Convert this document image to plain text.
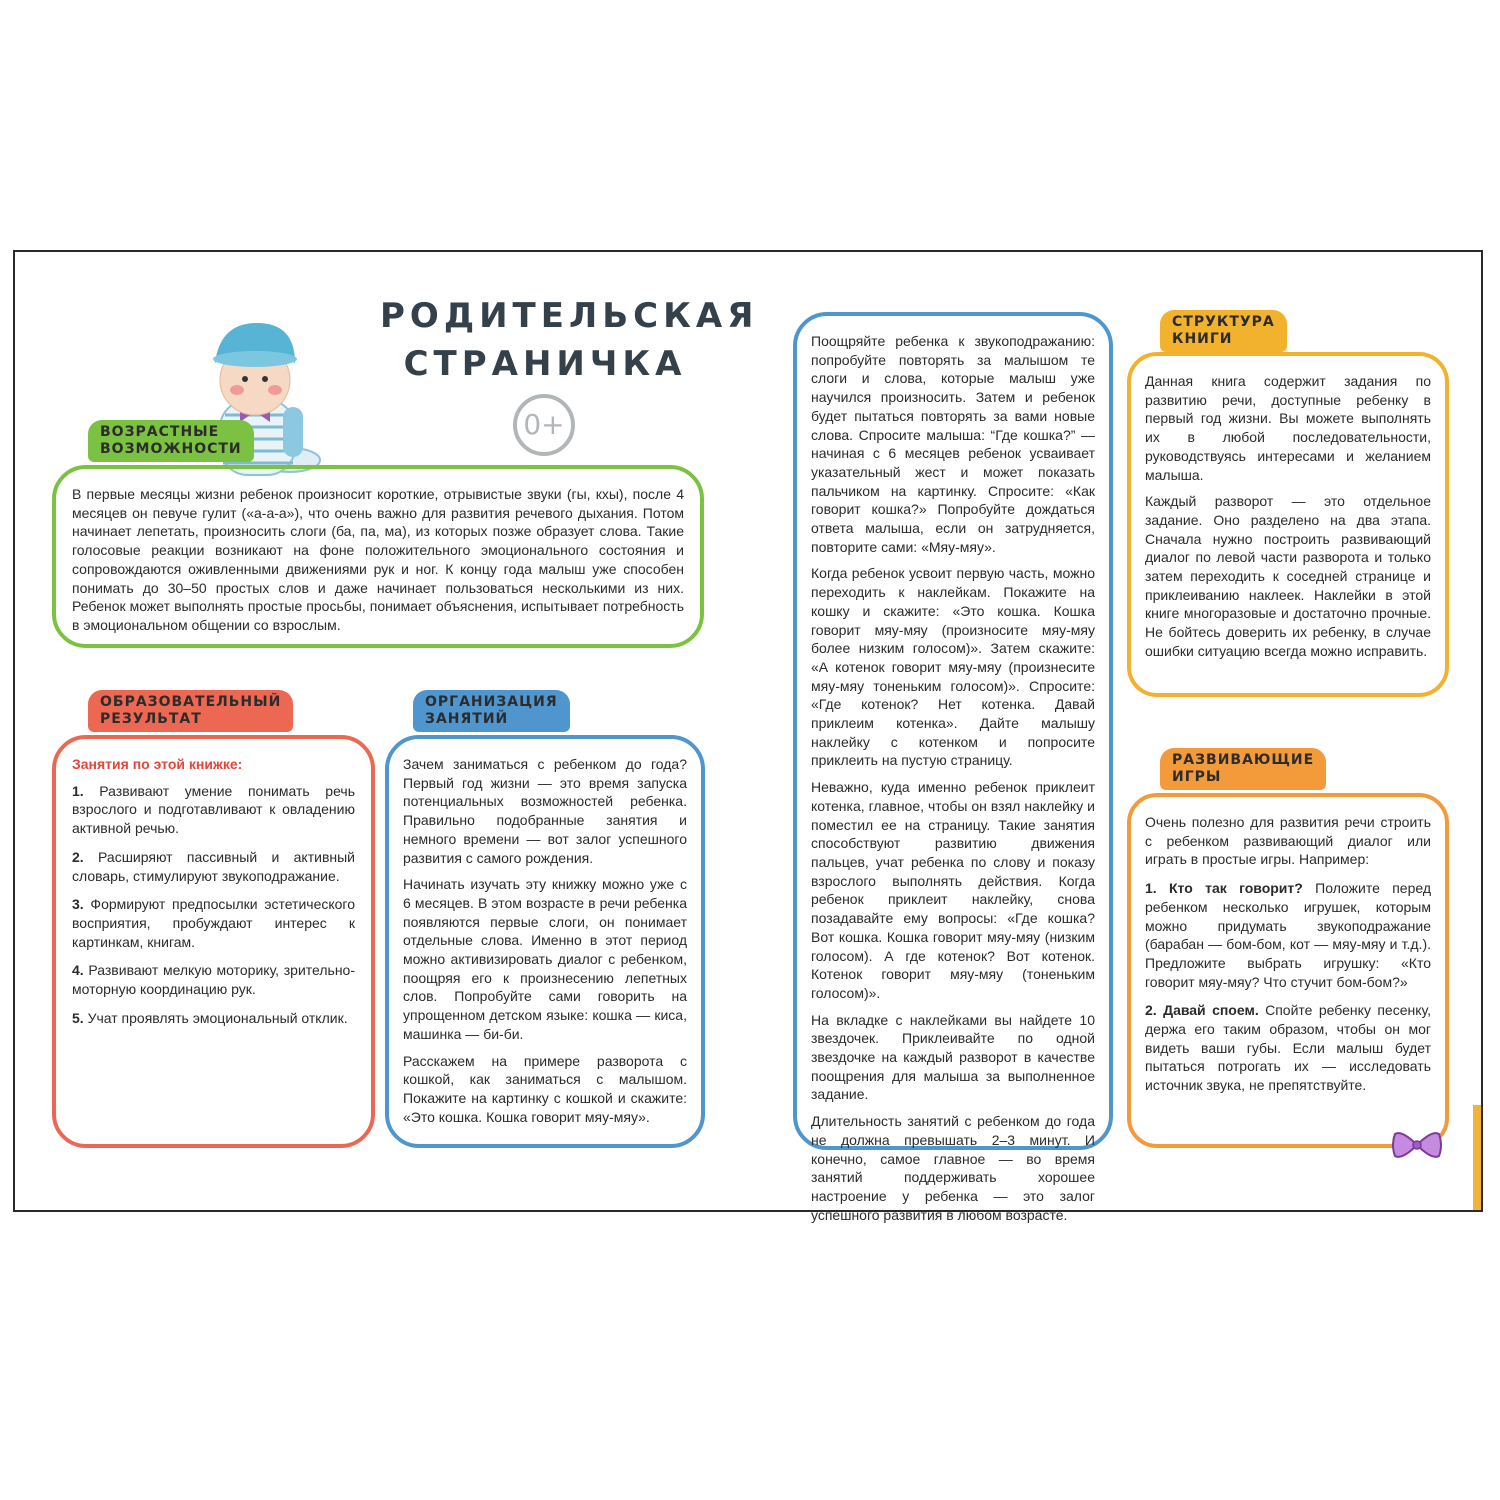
РОДИТЕЛЬСКАЯ
СТРАНИЧКА
0+
ВОЗРАСТНЫЕ
ВОЗМОЖНОСТИ

В первые месяцы жизни ребенок произносит короткие, отрывистые звуки (гы, кхы), после 4 месяцев он певуче гулит («а-а-а»), что очень важно для развития речевого дыхания. Потом начинает лепетать, произносить слоги (ба, па, ма), из которых позже образует слова. Такие голосовые реакции возникают на фоне положительного эмоционального состояния и сопровождаются оживленными движениями рук и ног. К концу года малыш уже способен понимать до 30–50 простых слов и даже начинает пользоваться несколькими из них. Ребенок может выполнять простые просьбы, понимает объяснения, испытывает потребность в эмоциональном общении со взрослым.

ОБРАЗОВАТЕЛЬНЫЙ
РЕЗУЛЬТАТ
Занятия по этой книжке:

1. Развивают умение понимать речь взрослого и подготавливают к овладению активной речью.

2. Расширяют пассивный и активный словарь, стимулируют звукоподражание.

3. Формируют предпосылки эстетического восприятия, пробуждают интерес к картинкам, книгам.

4. Развивают мелкую моторику, зрительно-моторную координацию рук.

5. Учат проявлять эмоциональный отклик.

ОРГАНИЗАЦИЯ
ЗАНЯТИЙ

Зачем заниматься с ребенком до года? Первый год жизни — это время запуска потенциальных возможностей ребенка. Правильно подобранные занятия и немного времени — вот залог успешного развития с самого рождения.

Начинать изучать эту книжку можно уже с 6 месяцев. В этом возрасте в речи ребенка появляются первые слоги, он понимает отдельные слова. Именно в этот период можно активизировать диалог с ребенком, поощряя его к произнесению лепетных слов. Попробуйте сами говорить на упрощенном детском языке: кошка — киса, машинка — би-би.

Расскажем на примере разворота с кошкой, как заниматься с малышом. Покажите на картинку с кошкой и скажите: «Это кошка. Кошка говорит мяу-мяу».

Поощряйте ребенка к звукоподражанию: попробуйте повторять за малышом те слоги и слова, которые малыш уже научился произносить. Затем и ребенок будет пытаться повторять за вами новые слова. Спросите малыша: “Где кошка?” — начиная с 6 месяцев ребенок усваивает указательный жест и может показать пальчиком на картинку. Спросите: «Как говорит кошка?» Попробуйте дождаться ответа малыша, если он затрудняется, повторите сами: «Мяу-мяу».

Когда ребенок усвоит первую часть, можно переходить к наклейкам. Покажите на кошку и скажите: «Это кошка. Кошка говорит мяу-мяу (произносите мяу-мяу более низким голосом)». Затем скажите: «А котенок говорит мяу-мяу (произнесите мяу-мяу тоненьким голосом)». Спросите: «Где котенок? Нет котенка. Давай приклеим котенка». Дайте малышу наклейку с котенком и попросите приклеить на пустую страницу.

Неважно, куда именно ребенок приклеит котенка, главное, чтобы он взял наклейку и поместил ее на страницу. Такие занятия способствуют развитию движения пальцев, учат ребенка по слову и показу взрослого выполнять действия. Когда ребенок приклеит наклейку, снова позадавайте ему вопросы: «Где кошка? Вот кошка. Кошка говорит мяу-мяу (низким голосом). А где котенок? Вот котенок. Котенок говорит мяу-мяу (тоненьким голосом)».

На вкладке с наклейками вы найдете 10 звездочек. Приклеивайте по одной звездочке на каждый разворот в качестве поощрения для малыша за выполненное задание.

Длительность занятий с ребенком до года не должна превышать 2–3 минут. И конечно, самое главное — во время занятий поддерживать хорошее настроение у ребенка — это залог успешного развития в любом возрасте.

СТРУКТУРА
КНИГИ

Данная книга содержит задания по развитию речи, доступные ребенку в первый год жизни. Вы можете выполнять их в любой последовательности, руководствуясь интересами и желанием малыша.

Каждый разворот — это отдельное задание. Оно разделено на два этапа. Сначала нужно построить развивающий диалог по левой части разворота и только затем переходить к соседней странице и приклеиванию наклеек. Наклейки в этой книге многоразовые и достаточно прочные. Не бойтесь доверить их ребенку, в случае ошибки ситуацию всегда можно исправить.

РАЗВИВАЮЩИЕ
ИГРЫ

Очень полезно для развития речи строить с ребенком развивающий диалог или играть в простые игры. Например:

1. Кто так говорит? Положите перед ребенком несколько игрушек, которым можно придумать звукоподражание (барабан — бом-бом, кот — мяу-мяу и т.д.). Предложите выбрать игрушку: «Кто говорит мяу-мяу? Что стучит бом-бом?»

2. Давай споем. Спойте ребенку песенку, держа его таким образом, чтобы он мог видеть ваши губы. Если малыш будет пытаться потрогать их — исследовать источник звука, не препятствуйте.
